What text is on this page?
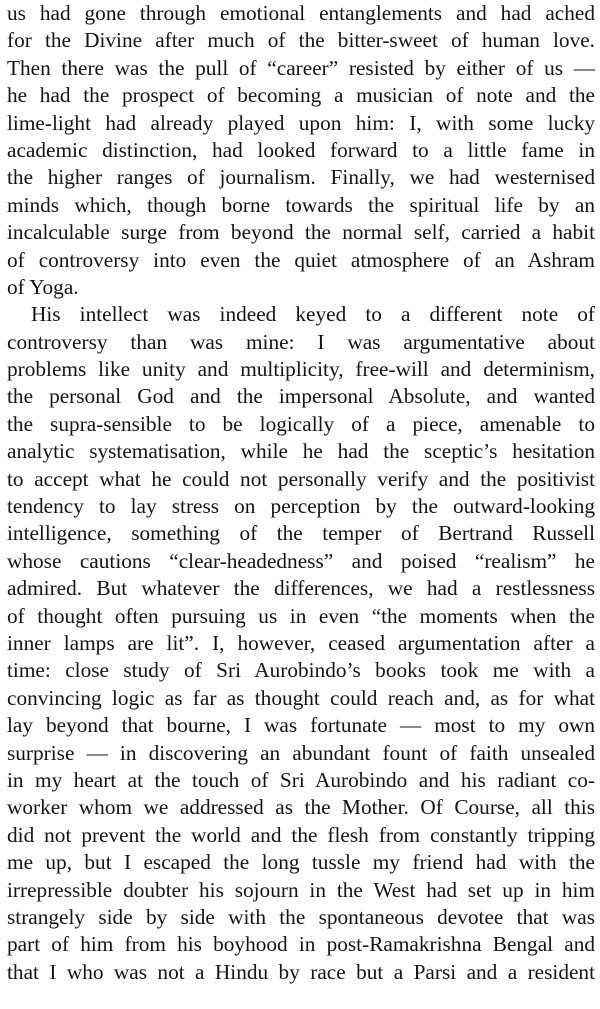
us had gone through emotional entanglements and had ached
for the Divine after much of the bitter-sweet of human love.
Then there was the pull of “career” resisted by either of us —
he had the prospect of becoming a musician of note and the
lime-light had already played upon him: I, with some lucky
academic distinction, had looked forward to a little fame in
the higher ranges of journalism. Finally, we had westernised
minds which, though borne towards the spiritual life by an
incalculable surge from beyond the normal self, carried a habit
of controversy into even the quiet atmosphere of an Ashram
of Yoga.
His intellect was indeed keyed to a different note of
controversy than was mine: I was argumentative about
problems like unity and multiplicity, free-will and determinism,
the personal God and the impersonal Absolute, and wanted
the supra-sensible to be logically of a piece, amenable to
analytic systematisation, while he had the sceptic’s hesitation
to accept what he could not personally verify and the positivist
tendency to lay stress on perception by the outward-looking
intelligence, something of the temper of Bertrand Russell
whose cautions “clear-headedness” and poised “realism” he
admired. But whatever the differences, we had a restlessness
of thought often pursuing us in even “the moments when the
inner lamps are lit”. I, however, ceased argumentation after a
time: close study of Sri Aurobindo’s books took me with a
convincing logic as far as thought could reach and, as for what
lay beyond that bourne, I was fortunate — most to my own
surprise — in discovering an abundant fount of faith unsealed
in my heart at the touch of Sri Aurobindo and his radiant co-
worker whom we addressed as the Mother. Of Course, all this
did not prevent the world and the flesh from constantly tripping
me up, but I escaped the long tussle my friend had with the
irrepressible doubter his sojourn in the West had set up in him
strangely side by side with the spontaneous devotee that was
part of him from his boyhood in post-Ramakrishna Bengal and
that I who was not a Hindu by race but a Parsi and a resident
